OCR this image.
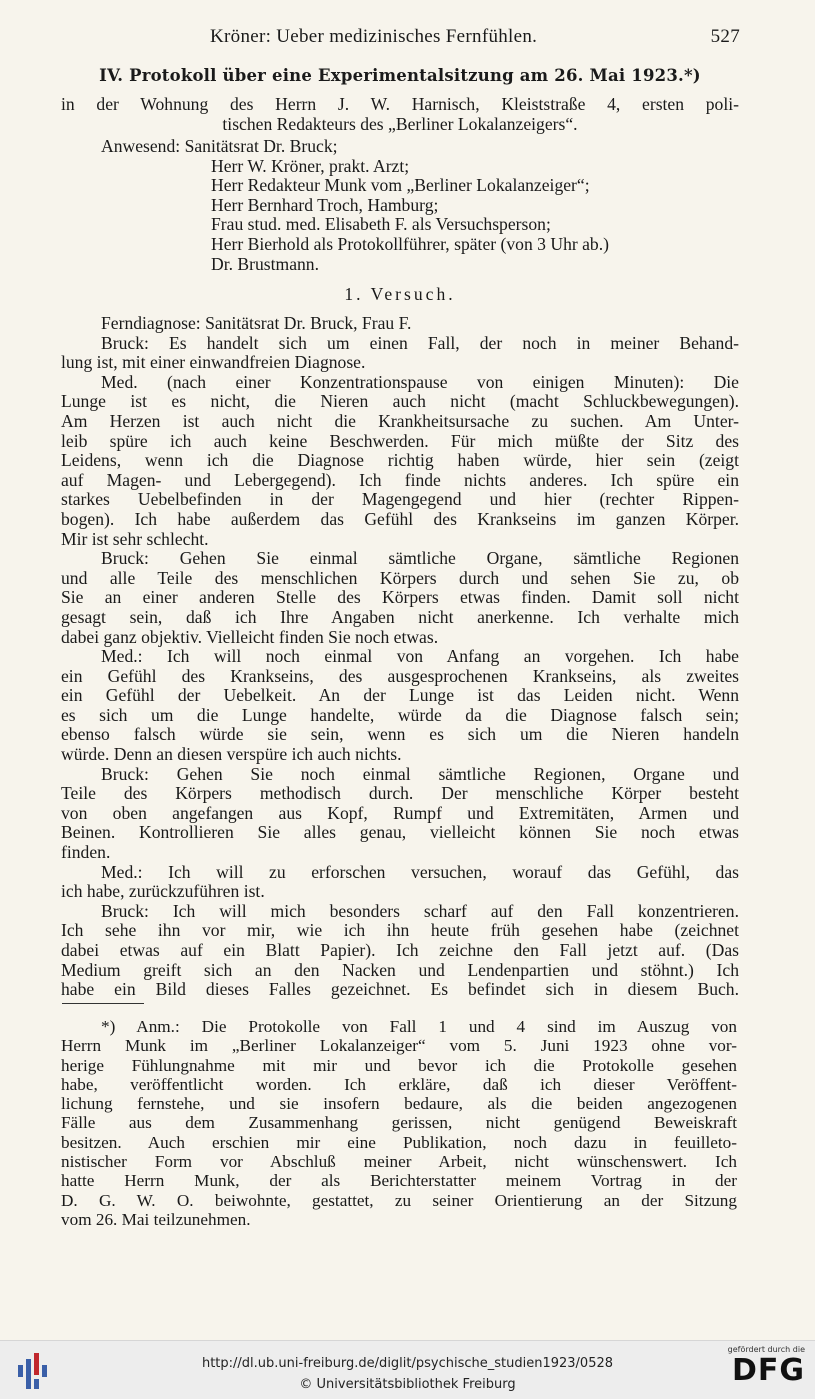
Kröner: Ueber medizinisches Fernfühlen.	527
IV. Protokoll über eine Experimentalsitzung am 26. Mai 1923.*)
in der Wohnung des Herrn J. W. Harnisch, Kleiststraße 4, ersten poli-
tischen Redakteurs des „Berliner Lokalanzeigers“.
Anwesend: Sanitätsrat Dr. Bruck;
Herr W. Kröner, prakt. Arzt;
Herr Redakteur Munk vom „Berliner Lokalanzeiger“;
Herr Bernhard Troch, Hamburg;
Frau stud. med. Elisabeth F. als Versuchsperson;
Herr Bierhold als Protokollführer, später (von 3 Uhr ab.)
Dr. Brustmann.
1. Versuch.
Ferndiagnose: Sanitätsrat Dr. Bruck, Frau F.
Bruck: Es handelt sich um einen Fall, der noch in meiner Behand-
lung ist, mit einer einwandfreien Diagnose.
Med. (nach einer Konzentrationspause von einigen Minuten): Die
Lunge ist es nicht, die Nieren auch nicht (macht Schluckbewegungen).
Am Herzen ist auch nicht die Krankheitsursache zu suchen. Am Unter-
leib spüre ich auch keine Beschwerden. Für mich müßte der Sitz des
Leidens, wenn ich die Diagnose richtig haben würde, hier sein (zeigt
auf Magen- und Lebergegend). Ich finde nichts anderes. Ich spüre ein
starkes Uebelbefinden in der Magengegend und hier (rechter Rippen-
bogen). Ich habe außerdem das Gefühl des Krankseins im ganzen Körper.
Mir ist sehr schlecht.
Bruck: Gehen Sie einmal sämtliche Organe, sämtliche Regionen
und alle Teile des menschlichen Körpers durch und sehen Sie zu, ob
Sie an einer anderen Stelle des Körpers etwas finden. Damit soll nicht
gesagt sein, daß ich Ihre Angaben nicht anerkenne. Ich verhalte mich
dabei ganz objektiv. Vielleicht finden Sie noch etwas.
Med.: Ich will noch einmal von Anfang an vorgehen. Ich habe
ein Gefühl des Krankseins, des ausgesprochenen Krankseins, als zweites
ein Gefühl der Uebelkeit. An der Lunge ist das Leiden nicht. Wenn
es sich um die Lunge handelte, würde da die Diagnose falsch sein;
ebenso falsch würde sie sein, wenn es sich um die Nieren handeln
würde. Denn an diesen verspüre ich auch nichts.
Bruck: Gehen Sie noch einmal sämtliche Regionen, Organe und
Teile des Körpers methodisch durch. Der menschliche Körper besteht
von oben angefangen aus Kopf, Rumpf und Extremitäten, Armen und
Beinen. Kontrollieren Sie alles genau, vielleicht können Sie noch etwas
finden.
Med.: Ich will zu erforschen versuchen, worauf das Gefühl, das
ich habe, zurückzuführen ist.
Bruck: Ich will mich besonders scharf auf den Fall konzentrieren.
Ich sehe ihn vor mir, wie ich ihn heute früh gesehen habe (zeichnet
dabei etwas auf ein Blatt Papier). Ich zeichne den Fall jetzt auf. (Das
Medium greift sich an den Nacken und Lendenpartien und stöhnt.) Ich
habe ein Bild dieses Falles gezeichnet. Es befindet sich in diesem Buch.
*) Anm.: Die Protokolle von Fall 1 und 4 sind im Auszug von
Herrn Munk im „Berliner Lokalanzeiger“ vom 5. Juni 1923 ohne vor-
herige Fühlungnahme mit mir und bevor ich die Protokolle gesehen
habe, veröffentlicht worden. Ich erkläre, daß ich dieser Veröffent-
lichung fernstehe, und sie insofern bedaure, als die beiden angezogenen
Fälle aus dem Zusammenhang gerissen, nicht genügend Beweiskraft
besitzen. Auch erschien mir eine Publikation, noch dazu in feuilleto-
nistischer Form vor Abschluß meiner Arbeit, nicht wünschenswert. Ich
hatte Herrn Munk, der als Berichterstatter meinem Vortrag in der
D. G. W. O. beiwohnte, gestattet, zu seiner Orientierung an der Sitzung
vom 26. Mai teilzunehmen.
http://dl.ub.uni-freiburg.de/diglit/psychische_studien1923/0528
© Universitätsbibliothek Freiburg
gefördert durch die
DFG
